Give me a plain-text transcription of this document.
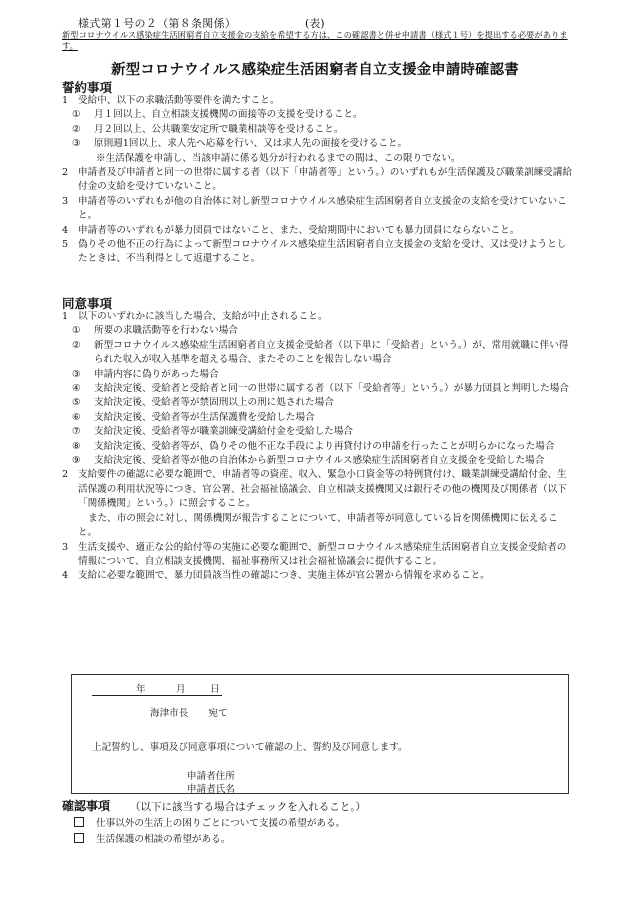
様式第１号の２（第８条関係）	(表)
新型コロナウイルス感染症生活困窮者自立支援金の支給を希望する方は、この確認書と併せ申請書（様式１号）を提出する必要があります。
新型コロナウイルス感染症生活困窮者自立支援金申請時確認書
誓約事項
1	受給中、以下の求職活動等要件を満たすこと。
①	月１回以上、自立相談支援機関の面接等の支援を受けること。
②	月２回以上、公共職業安定所で職業相談等を受けること。
③	原則週1回以上、求人先へ応募を行い、又は求人先の面接を受けること。
※生活保護を申請し、当該申請に係る処分が行われるまでの間は、この限りでない。
2	申請者及び申請者と同一の世帯に属する者（以下「申請者等」という。）のいずれもが生活保護及び職業訓練受講給付金の支給を受けていないこと。
3	申請者等のいずれもが他の自治体に対し新型コロナウイルス感染症生活困窮者自立支援金の支給を受けていないこと。
4	申請者等のいずれもが暴力団員ではないこと、また、受給期間中においても暴力団員にならないこと。
5	偽りその他不正の行為によって新型コロナウイルス感染症生活困窮者自立支援金の支給を受け、又は受けようとしたときは、不当利得として返還すること。
同意事項
1	以下のいずれかに該当した場合、支給が中止されること。
①	所要の求職活動等を行わない場合
②	新型コロナウイルス感染症生活困窮者自立支援金受給者（以下単に「受給者」という。）が、常用就職に伴い得られた収入が収入基準を超える場合、またそのことを報告しない場合
③	申請内容に偽りがあった場合
④	支給決定後、受給者と受給者と同一の世帯に属する者（以下「受給者等」という。）が暴力団員と判明した場合
⑤	支給決定後、受給者等が禁固刑以上の刑に処された場合
⑥	支給決定後、受給者等が生活保護費を受給した場合
⑦	支給決定後、受給者等が職業訓練受講給付金を受給した場合
⑧	支給決定後、受給者等が、偽りその他不正な手段により再貸付けの申請を行ったことが明らかになった場合
⑨	支給決定後、受給者等が他の自治体から新型コロナウイルス感染症生活困窮者自立支援金を受給した場合
2	支給要件の確認に必要な範囲で、申請者等の資産、収入、緊急小口資金等の特例貸付け、職業訓練受講給付金、生活保護の利用状況等につき、官公署、社会福祉協議会、自立相談支援機関又は銀行その他の機関及び関係者（以下「関係機関」という。）に照会すること。
また、市の照会に対し、関係機関が報告することについて、申請者等が同意している旨を関係機関に伝えること。
3	生活支援や、適正な公的給付等の実施に必要な範囲で、新型コロナウイルス感染症生活困窮者自立支援金受給者の情報について、自立相談支援機関、福祉事務所又は社会福祉協議会に提供すること。
4	支給に必要な範囲で、暴力団員該当性の確認につき、実施主体が官公署から情報を求めること。
年	月	日
海津市長 宛て
上記誓約し、事項及び同意事項について確認の上、誓約及び同意します。
申請者住所
申請者氏名
確認事項 （以下に該当する場合はチェックを入れること。）
仕事以外の生活上の困りごとについて支援の希望がある。
生活保護の相談の希望がある。
